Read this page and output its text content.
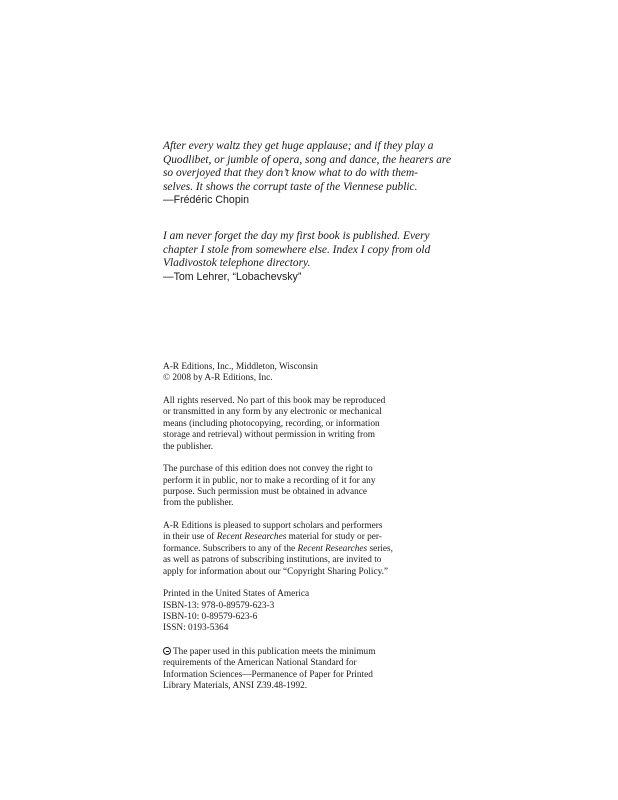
After every waltz they get huge applause; and if they play a
Quodlibet, or jumble of opera, song and dance, the hearers are
so overjoyed that they don’t know what to do with them-
selves. It shows the corrupt taste of the Viennese public.
—Frédéric Chopin
I am never forget the day my first book is published. Every
chapter I stole from somewhere else. Index I copy from old
Vladivostok telephone directory.
—Tom Lehrer, “Lobachevsky”

A-R Editions, Inc., Middleton, Wisconsin
© 2008 by A-R Editions, Inc.

All rights reserved. No part of this book may be reproduced
or transmitted in any form by any electronic or mechanical
means (including photocopying, recording, or information
storage and retrieval) without permission in writing from
the publisher.

The purchase of this edition does not convey the right to
perform it in public, nor to make a recording of it for any
purpose. Such permission must be obtained in advance
from the publisher.

A-R Editions is pleased to support scholars and performers
in their use of Recent Researches material for study or per-
formance. Subscribers to any of the Recent Researches series,
as well as patrons of subscribing institutions, are invited to
apply for information about our “Copyright Sharing Policy.”

Printed in the United States of America
ISBN-13: 978-0-89579-623-3
ISBN-10: 0-89579-623-6
ISSN: 0193-5364

The paper used in this publication meets the minimum
requirements of the American National Standard for
Information Sciences—Permanence of Paper for Printed
Library Materials, ANSI Z39.48-1992.
